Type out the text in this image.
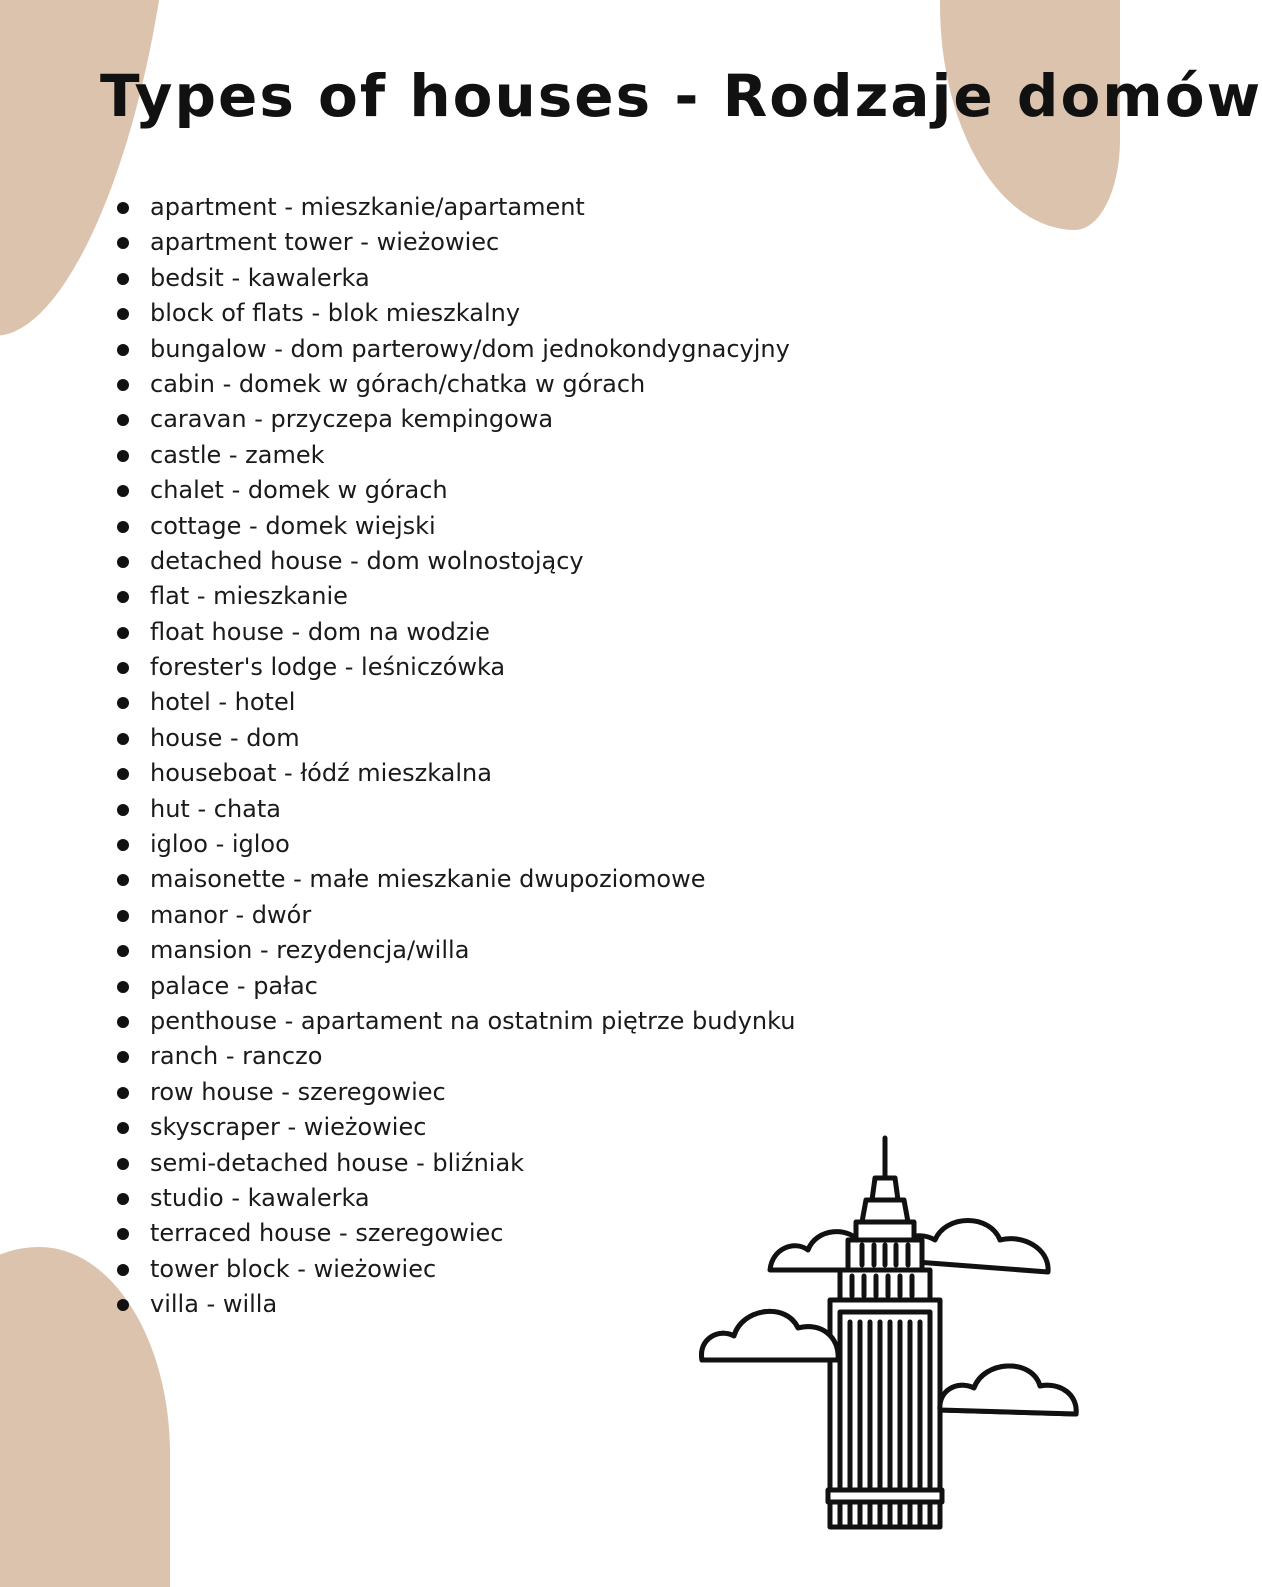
Types of houses - Rodzaje domów
apartment - mieszkanie/apartament
apartment tower - wieżowiec
bedsit - kawalerka
block of flats - blok mieszkalny
bungalow - dom parterowy/dom jednokondygnacyjny
cabin - domek w górach/chatka w górach
caravan - przyczepa kempingowa
castle - zamek
chalet - domek w górach
cottage - domek wiejski
detached house - dom wolnostojący
flat - mieszkanie
float house - dom na wodzie
forester's lodge - leśniczówka
hotel - hotel
house - dom
houseboat - łódź mieszkalna
hut - chata
igloo - igloo
maisonette - małe mieszkanie dwupoziomowe
manor - dwór
mansion - rezydencja/willa
palace - pałac
penthouse - apartament na ostatnim piętrze budynku
ranch - ranczo
row house - szeregowiec
skyscraper - wieżowiec
semi-detached house - bliźniak
studio - kawalerka
terraced house - szeregowiec
tower block - wieżowiec
villa - willa
